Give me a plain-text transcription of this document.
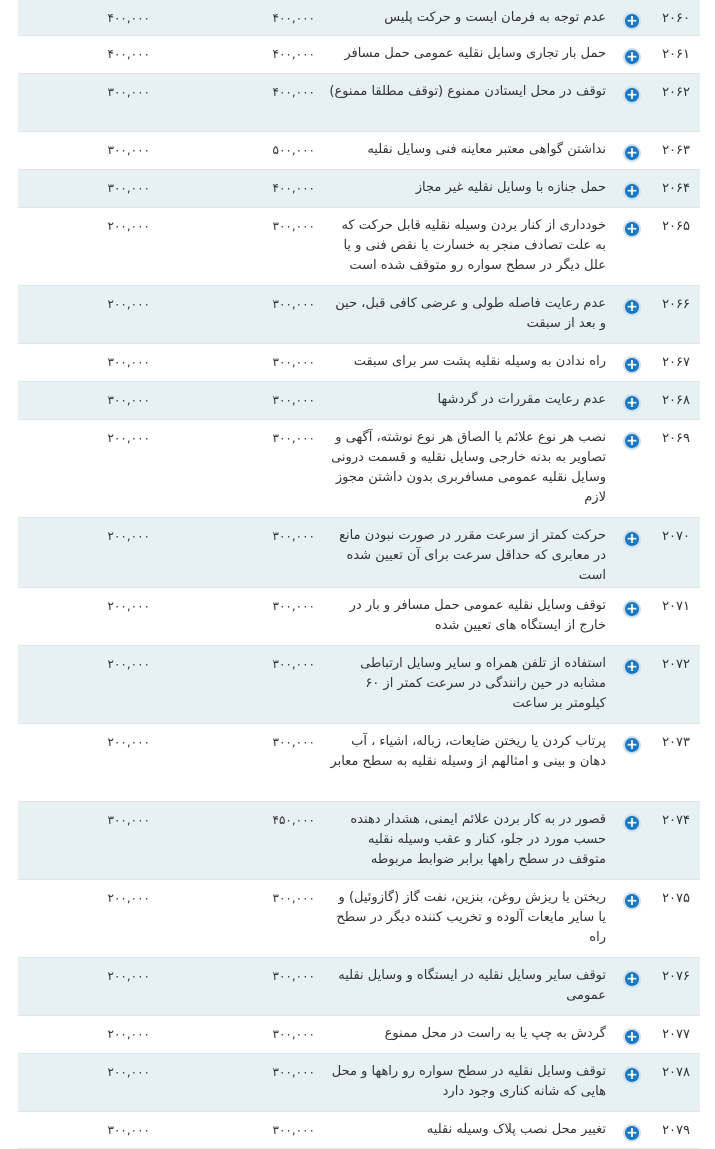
۲۰۶۰
+
عدم توجه به فرمان ایست و حرکت پلیس
۴۰۰,۰۰۰
۴۰۰,۰۰۰
۲۰۶۱
+
حمل بار تجاری وسایل نقلیه عمومی حمل مسافر
۴۰۰,۰۰۰
۴۰۰,۰۰۰
۲۰۶۲
+
توقف در محل ایستادن ممنوع (توقف مطلقا ممنوع)
۴۰۰,۰۰۰
۳۰۰,۰۰۰
۲۰۶۳
+
نداشتن گواهی معتبر معاینه فنی وسایل نقلیه
۵۰۰,۰۰۰
۳۰۰,۰۰۰
۲۰۶۴
+
حمل جنازه با وسایل نقلیه غیر مجاز
۴۰۰,۰۰۰
۳۰۰,۰۰۰
۲۰۶۵
+
خودداری از کنار بردن وسیله نقلیه قابل حرکت که به علت تصادف منجر به خسارت یا نقص فنی و یا علل دیگر در سطح سواره رو متوقف شده است
۳۰۰,۰۰۰
۲۰۰,۰۰۰
۲۰۶۶
+
عدم رعایت فاصله طولی و عرضی کافی قبل، حین و بعد از سبقت
۳۰۰,۰۰۰
۲۰۰,۰۰۰
۲۰۶۷
+
راه ندادن به وسیله نقلیه پشت سر برای سبقت
۳۰۰,۰۰۰
۳۰۰,۰۰۰
۲۰۶۸
+
عدم رعایت مقررات در گردشها
۳۰۰,۰۰۰
۳۰۰,۰۰۰
۲۰۶۹
+
نصب هر نوع علائم یا الصاق هر نوع نوشته، آگهی و تصاویر به بدنه خارجی وسایل نقلیه و قسمت درونی وسایل نقلیه عمومی مسافربری بدون داشتن مجوز لازم
۳۰۰,۰۰۰
۲۰۰,۰۰۰
۲۰۷۰
+
حرکت کمتر از سرعت مقرر در صورت نبودن مانع در معابری که حداقل سرعت برای آن تعیین شده است
۳۰۰,۰۰۰
۲۰۰,۰۰۰
۲۰۷۱
+
توقف وسایل نقلیه عمومی حمل مسافر و بار در خارج از ایستگاه های تعیین شده
۳۰۰,۰۰۰
۲۰۰,۰۰۰
۲۰۷۲
+
استفاده از تلفن همراه و سایر وسایل ارتباطی مشابه در حین رانندگی در سرعت کمتر از ۶۰ کیلومتر بر ساعت
۳۰۰,۰۰۰
۲۰۰,۰۰۰
۲۰۷۳
+
پرتاب کردن یا ریختن ضایعات، زباله، اشیاء ، آب دهان و بینی و امثالهم از وسیله نقلیه به سطح معابر
۳۰۰,۰۰۰
۲۰۰,۰۰۰
۲۰۷۴
+
قصور در به کار بردن علائم ایمنی، هشدار دهنده حسب مورد در جلو، کنار و عقب وسیله نقلیه متوقف در سطح راهها برابر ضوابط مربوطه
۴۵۰,۰۰۰
۳۰۰,۰۰۰
۲۰۷۵
+
ریختن یا ریزش روغن، بنزین، نفت گاز (گازوئیل) و یا سایر مایعات آلوده و تخریب کننده دیگر در سطح راه
۳۰۰,۰۰۰
۲۰۰,۰۰۰
۲۰۷۶
+
توقف سایر وسایل نقلیه در ایستگاه و وسایل نقلیه عمومی
۳۰۰,۰۰۰
۲۰۰,۰۰۰
۲۰۷۷
+
گردش به چپ یا به راست در محل ممنوع
۳۰۰,۰۰۰
۲۰۰,۰۰۰
۲۰۷۸
+
توقف وسایل نقلیه در سطح سواره رو راهها و محل هایی که شانه کناری وجود دارد
۳۰۰,۰۰۰
۲۰۰,۰۰۰
۲۰۷۹
+
تغییر محل نصب پلاک وسیله نقلیه
۳۰۰,۰۰۰
۳۰۰,۰۰۰
